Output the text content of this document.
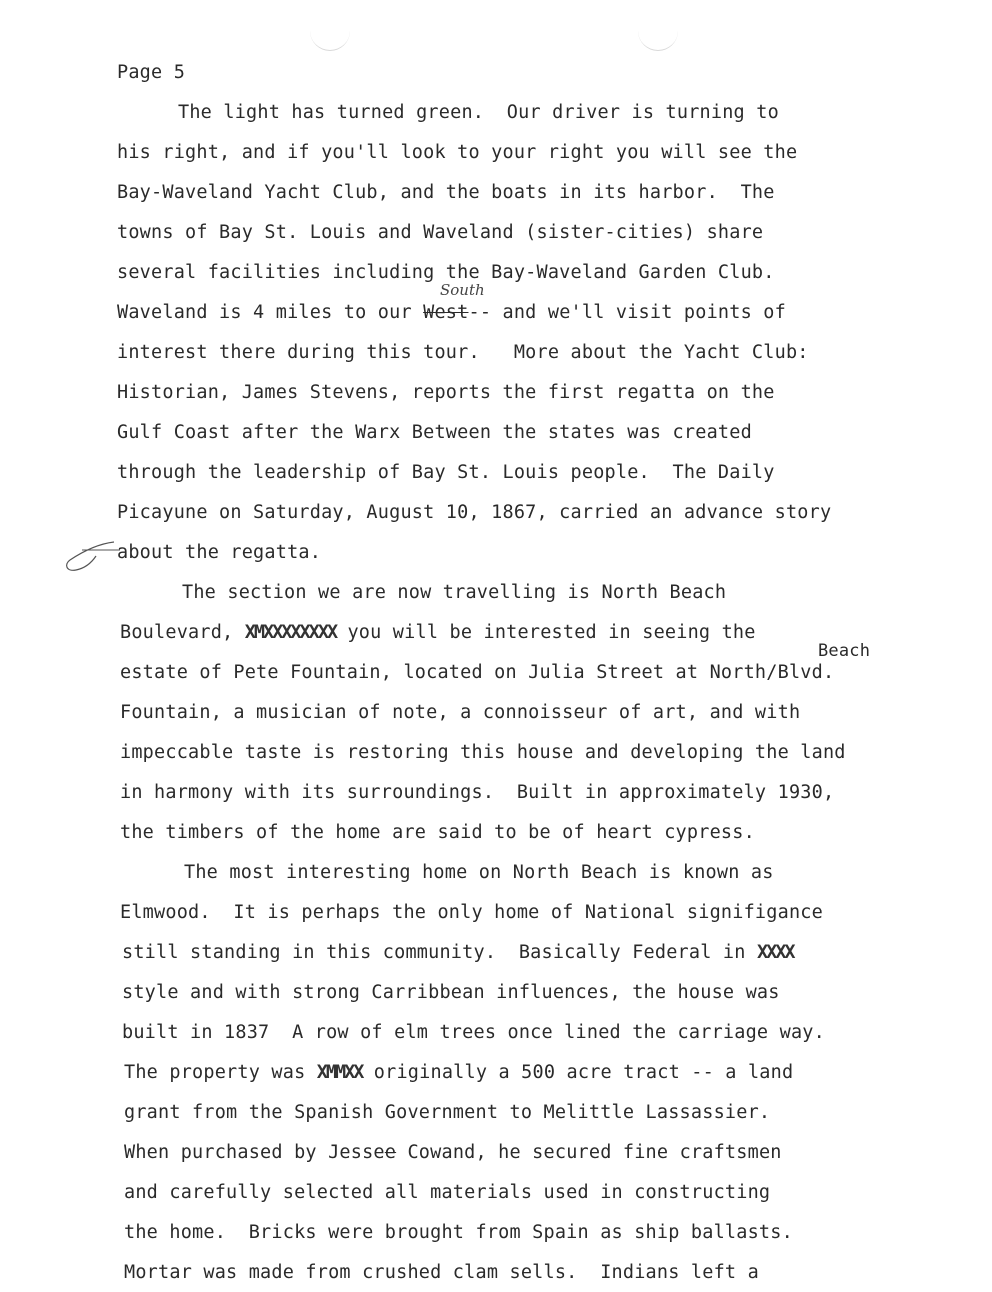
Page 5
The light has turned green.  Our driver is turning to
his right, and if you'll look to your right you will see the
Bay-Waveland Yacht Club, and the boats in its harbor.  The
towns of Bay St. Louis and Waveland (sister-cities) share
several facilities including the Bay-Waveland Garden Club.
Waveland is 4 miles to our West-- and we'll visit points of
South
interest there during this tour.   More about the Yacht Club:
Historian, James Stevens, reports the first regatta on the
Gulf Coast after the Warx Between the states was created
through the leadership of Bay St. Louis people.  The Daily
Picayune on Saturday, August 10, 1867, carried an advance story
about the regatta.
The section we are now travelling is North Beach
Boulevard, XMXXXXXXXX you will be interested in seeing the
Beach
estate of Pete Fountain, located on Julia Street at North/Blvd.
Fountain, a musician of note, a connoisseur of art, and with
impeccable taste is restoring this house and developing the land
in harmony with its surroundings.  Built in approximately 1930,
the timbers of the home are said to be of heart cypress.
The most interesting home on North Beach is known as
Elmwood.  It is perhaps the only home of National signifigance
still standing in this community.  Basically Federal in XXXX
style and with strong Carribbean influences, the house was
built in 1837  A row of elm trees once lined the carriage way.
The property was XMMXX originally a 500 acre tract -- a land
grant from the Spanish Government to Melittle Lassassier.
When purchased by Jessee Cowand, he secured fine craftsmen
and carefully selected all materials used in constructing
the home.  Bricks were brought from Spain as ship ballasts.
Mortar was made from crushed clam sells.  Indians left a
